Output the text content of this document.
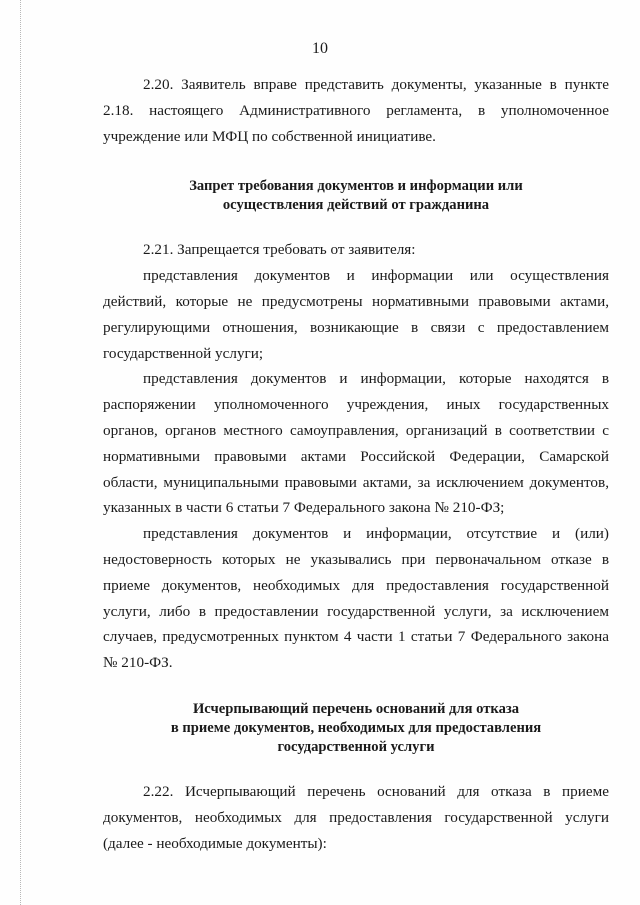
10

2.20. Заявитель вправе представить документы, указанные в пункте 2.18. настоящего Административного регламента, в уполномоченное учреждение или МФЦ по собственной инициативе.

Запрет требования документов и информации или
осуществления действий от гражданина

2.21. Запрещается требовать от заявителя:

представления документов и информации или осуществления действий, которые не предусмотрены нормативными правовыми актами, регулирующими отношения, возникающие в связи с предоставлением государственной услуги;

представления документов и информации, которые находятся в распоряжении уполномоченного учреждения, иных государственных органов, органов местного самоуправления, организаций в соответствии с нормативными правовыми актами Российской Федерации, Самарской области, муниципальными правовыми актами, за исключением документов, указанных в части 6 статьи 7 Федерального закона № 210-ФЗ;

представления документов и информации, отсутствие и (или) недостоверность которых не указывались при первоначальном отказе в приеме документов, необходимых для предоставления государственной услуги, либо в предоставлении государственной услуги, за исключением случаев, предусмотренных пунктом 4 части 1 статьи 7 Федерального закона № 210-ФЗ.

Исчерпывающий перечень оснований для отказа
в приеме документов, необходимых для предоставления
государственной услуги

2.22. Исчерпывающий перечень оснований для отказа в приеме документов, необходимых для предоставления государственной услуги (далее - необходимые документы):
